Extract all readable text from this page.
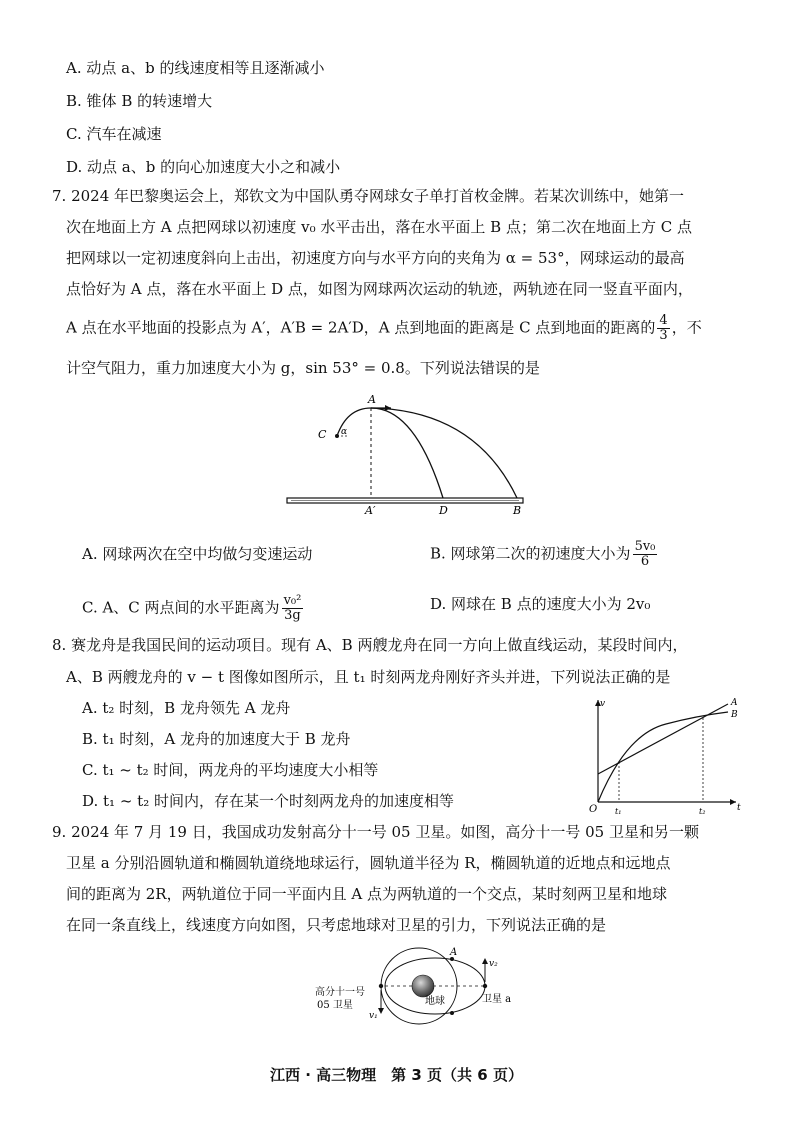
A. 动点 a、b 的线速度相等且逐渐减小
B. 锥体 B 的转速增大
C. 汽车在减速
D. 动点 a、b 的向心加速度大小之和减小
7. 2024 年巴黎奥运会上，郑钦文为中国队勇夺网球女子单打首枚金牌。若某次训练中，她第一
次在地面上方 A 点把网球以初速度 v₀ 水平击出，落在水平面上 B 点；第二次在地面上方 C 点
把网球以一定初速度斜向上击出，初速度方向与水平方向的夹角为 α = 53°，网球运动的最高
点恰好为 A 点，落在水平面上 D 点，如图为网球两次运动的轨迹，两轨迹在同一竖直平面内，
A 点在水平地面的投影点为 A′，A′B = 2A′D，A 点到地面的距离是 C 点到地面的距离的 $\frac{4}{3}$ ，不
计空气阻力，重力加速度大小为 g，sin 53° = 0.8。下列说法错误的是
A
C α
A′	D	B
A. 网球两次在空中均做匀变速运动	B. 网球第二次的初速度大小为 $\frac{\text{5v₀}}{6}$
C. A、C 两点间的水平距离为 $\frac{\text{v₀²}}{3g}$	D. 网球在 B 点的速度大小为 2v₀
8. 赛龙舟是我国民间的运动项目。现有 A、B 两艘龙舟在同一方向上做直线运动，某段时间内，
A、B 两艘龙舟的 v − t 图像如图所示，且 t₁ 时刻两龙舟刚好齐头并进，下列说法正确的是
A. t₂ 时刻，B 龙舟领先 A 龙舟
B. t₁ 时刻，A 龙舟的加速度大于 B 龙舟
C. t₁ ~ t₂ 时间，两龙舟的平均速度大小相等
D. t₁ ~ t₂ 时间内，存在某一个时刻两龙舟的加速度相等
v
t
O t₁	t₂
A
B
9. 2024 年 7 月 19 日，我国成功发射高分十一号 05 卫星。如图，高分十一号 05 卫星和另一颗
卫星 a 分别沿圆轨道和椭圆轨道绕地球运行，圆轨道半径为 R，椭圆轨道的近地点和远地点
间的距离为 2R，两轨道位于同一平面内且 A 点为两轨道的一个交点，某时刻两卫星和地球
在同一条直线上，线速度方向如图，只考虑地球对卫星的引力，下列说法正确的是
高分十一号
05 卫星	地球	卫星 a
A
v₁
v₂
江西 · 高三物理　第 3 页（共 6 页）
